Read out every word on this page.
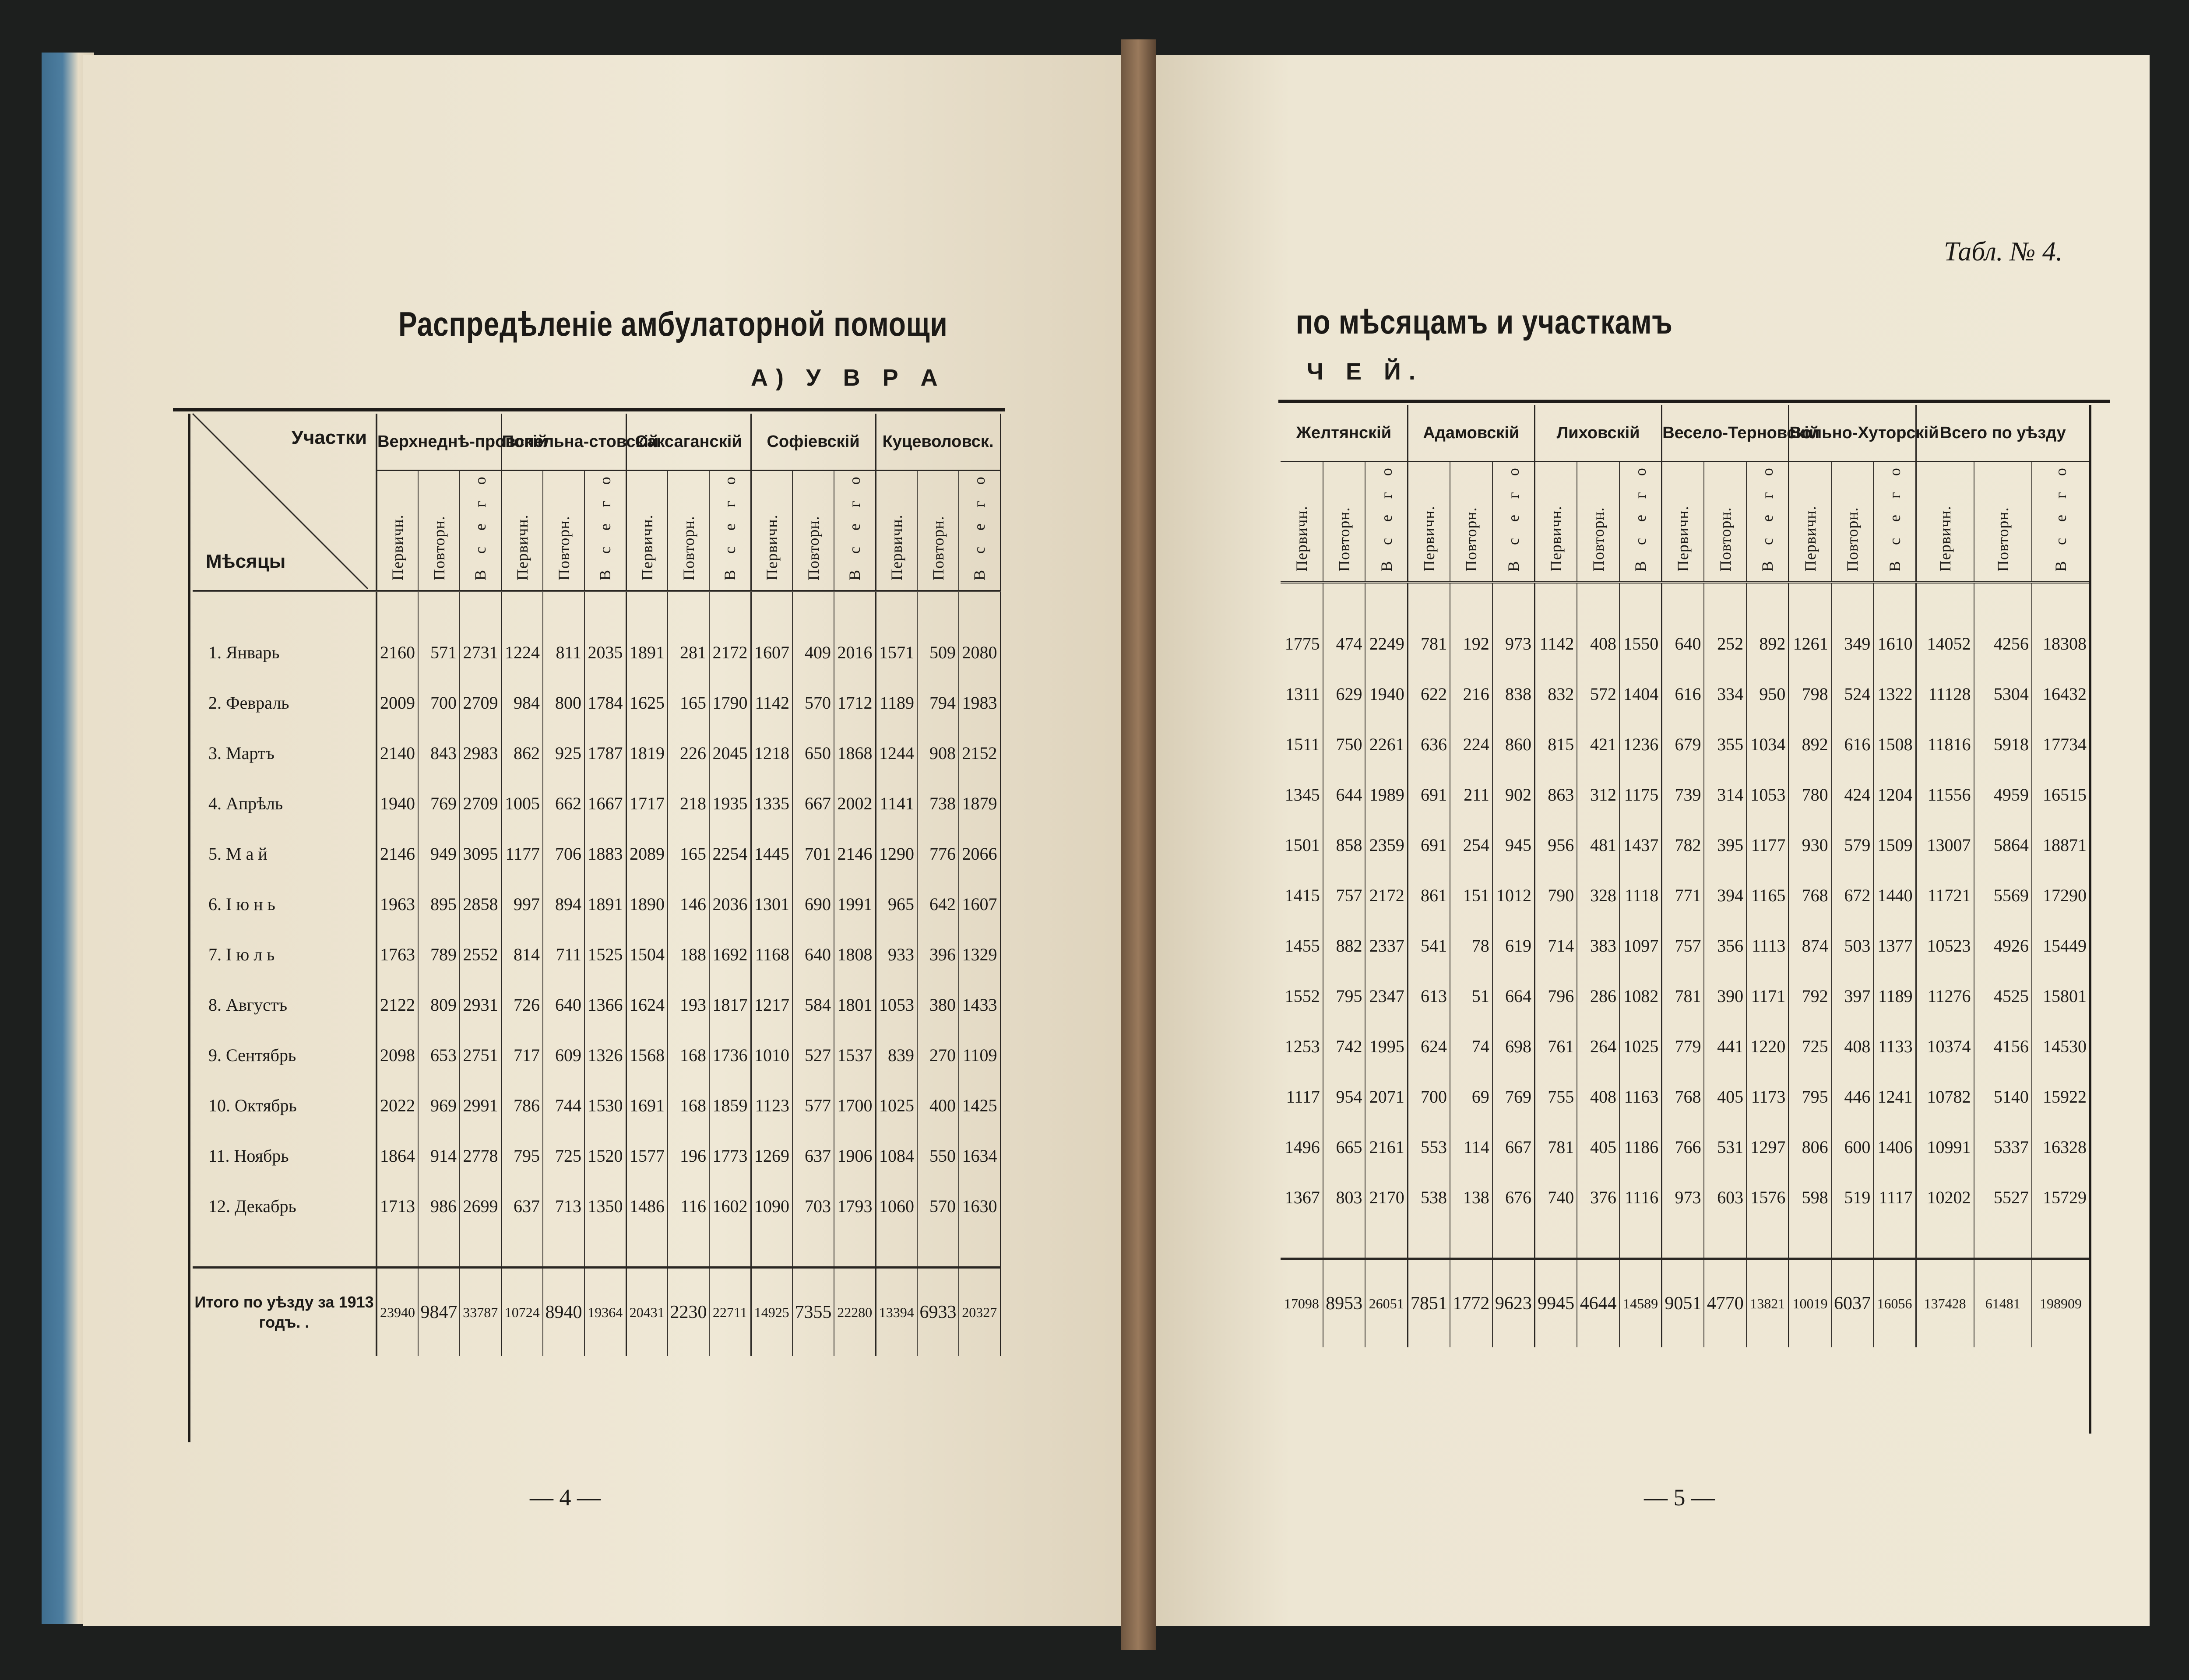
Распредѣленіе амбулаторной помощи
А) У В Р А
Участки
Мѣсяцы	Верхнеднѣ-провскій			Попельна-стовскій			Саксаганскій			Софіевскій			Куцеволовск.		

	Первичн.	Повторн.	В с е г о	Первичн.	Повторн.	В с е г о	Первичн.	Повторн.	В с е г о	Первичн.	Повторн.	В с е г о	Первичн.	Повторн.	В с е г о

1. Январь	2160	571	2731	1224	811	2035	1891	281	2172	1607	409	2016	1571	509	2080
2. Февраль	2009	700	2709	984	800	1784	1625	165	1790	1142	570	1712	1189	794	1983
3. Мартъ	2140	843	2983	862	925	1787	1819	226	2045	1218	650	1868	1244	908	2152
4. Апрѣль	1940	769	2709	1005	662	1667	1717	218	1935	1335	667	2002	1141	738	1879
5. М а й	2146	949	3095	1177	706	1883	2089	165	2254	1445	701	2146	1290	776	2066
6. І ю н ь	1963	895	2858	997	894	1891	1890	146	2036	1301	690	1991	965	642	1607
7. І ю л ь	1763	789	2552	814	711	1525	1504	188	1692	1168	640	1808	933	396	1329
8. Августъ	2122	809	2931	726	640	1366	1624	193	1817	1217	584	1801	1053	380	1433
9. Сентябрь	2098	653	2751	717	609	1326	1568	168	1736	1010	527	1537	839	270	1109
10. Октябрь	2022	969	2991	786	744	1530	1691	168	1859	1123	577	1700	1025	400	1425
11. Ноябрь	1864	914	2778	795	725	1520	1577	196	1773	1269	637	1906	1084	550	1634
12. Декабрь	1713	986	2699	637	713	1350	1486	116	1602	1090	703	1793	1060	570	1630

Итого по уѣзду за 1913 годъ. .	23940	9847	33787	10724	8940	19364	20431	2230	22711	14925	7355	22280	13394	6933	20327
— 4 —
Табл. № 4.
по мѣсяцамъ и участкамъ
Ч Е Й.
Желтянскій			Адамовскій			Лиховскій			Весело-Терновскій			Вольно-Хуторскій			Всего по уѣзду		

Первичн.	Повторн.	В с е г о	Первичн.	Повторн.	В с е г о	Первичн.	Повторн.	В с е г о	Первичн.	Повторн.	В с е г о	Первичн.	Повторн.	В с е г о	Первичн.	Повторн.	В с е г о

1775	474	2249	781	192	973	1142	408	1550	640	252	892	1261	349	1610	14052	4256	18308
1311	629	1940	622	216	838	832	572	1404	616	334	950	798	524	1322	11128	5304	16432
1511	750	2261	636	224	860	815	421	1236	679	355	1034	892	616	1508	11816	5918	17734
1345	644	1989	691	211	902	863	312	1175	739	314	1053	780	424	1204	11556	4959	16515
1501	858	2359	691	254	945	956	481	1437	782	395	1177	930	579	1509	13007	5864	18871
1415	757	2172	861	151	1012	790	328	1118	771	394	1165	768	672	1440	11721	5569	17290
1455	882	2337	541	78	619	714	383	1097	757	356	1113	874	503	1377	10523	4926	15449
1552	795	2347	613	51	664	796	286	1082	781	390	1171	792	397	1189	11276	4525	15801
1253	742	1995	624	74	698	761	264	1025	779	441	1220	725	408	1133	10374	4156	14530
1117	954	2071	700	69	769	755	408	1163	768	405	1173	795	446	1241	10782	5140	15922
1496	665	2161	553	114	667	781	405	1186	766	531	1297	806	600	1406	10991	5337	16328
1367	803	2170	538	138	676	740	376	1116	973	603	1576	598	519	1117	10202	5527	15729

17098	8953	26051	7851	1772	9623	9945	4644	14589	9051	4770	13821	10019	6037	16056	137428	61481	198909
— 5 —
